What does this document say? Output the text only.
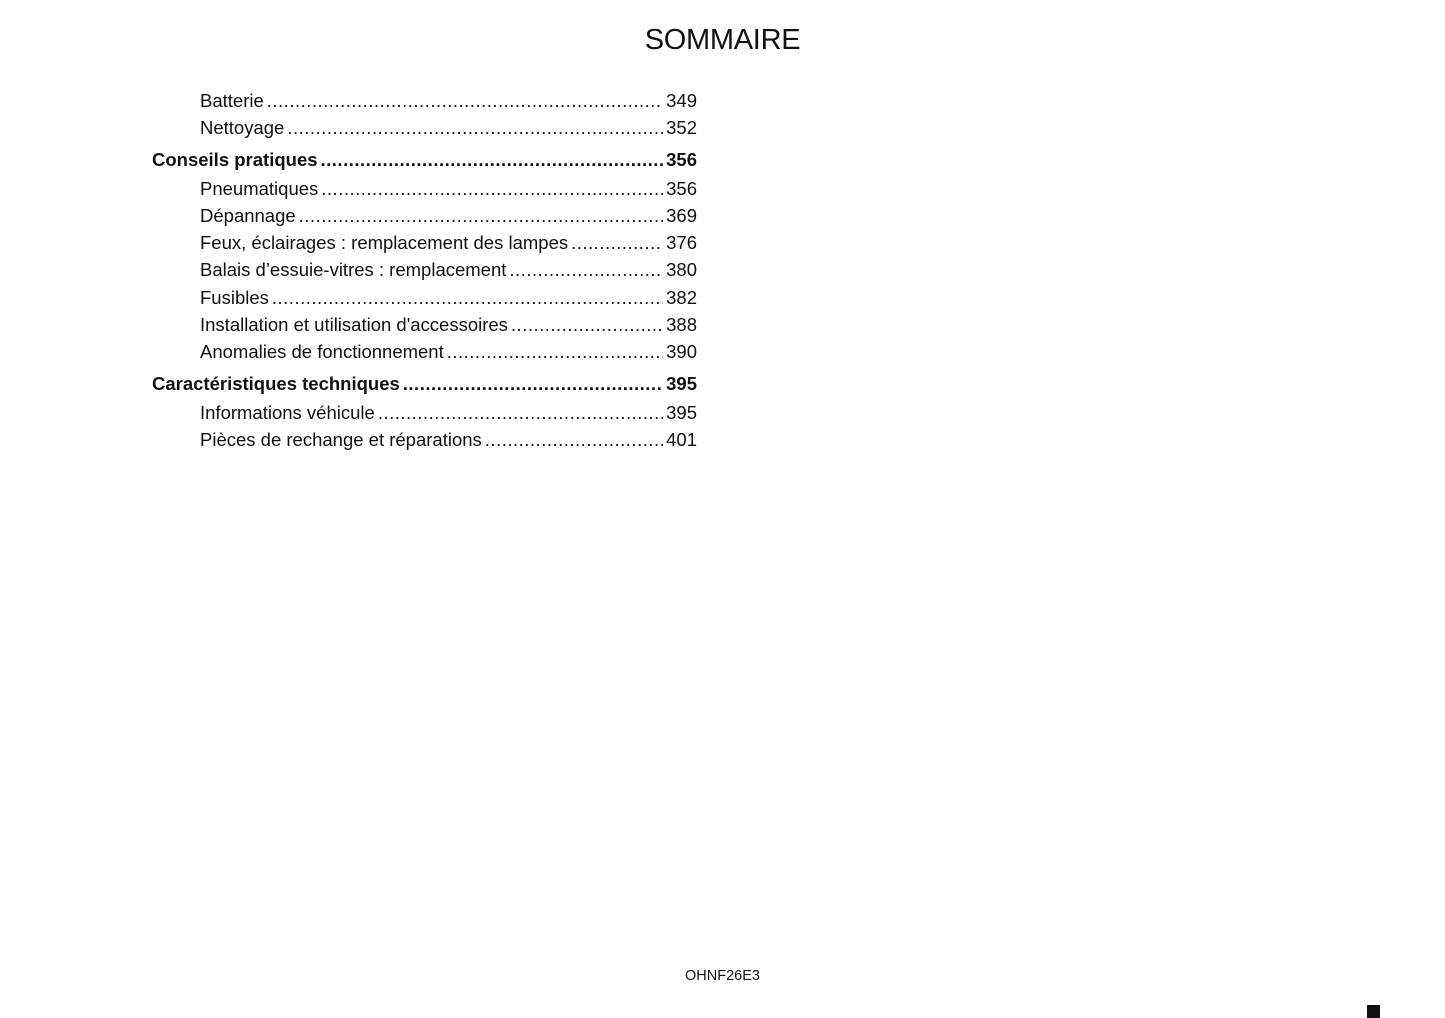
SOMMAIRE
Batterie .....	349
Nettoyage .....	352
Conseils pratiques .....	356
Pneumatiques .....	356
Dépannage .....	369
Feux, éclairages : remplacement des lampes .....	376
Balais d’essuie-vitres : remplacement .....	380
Fusibles .....	382
Installation et utilisation d'accessoires .....	388
Anomalies de fonctionnement .....	390
Caractéristiques techniques .....	395
Informations véhicule .....	395
Pièces de rechange et réparations .....	401
OHNF26E3
